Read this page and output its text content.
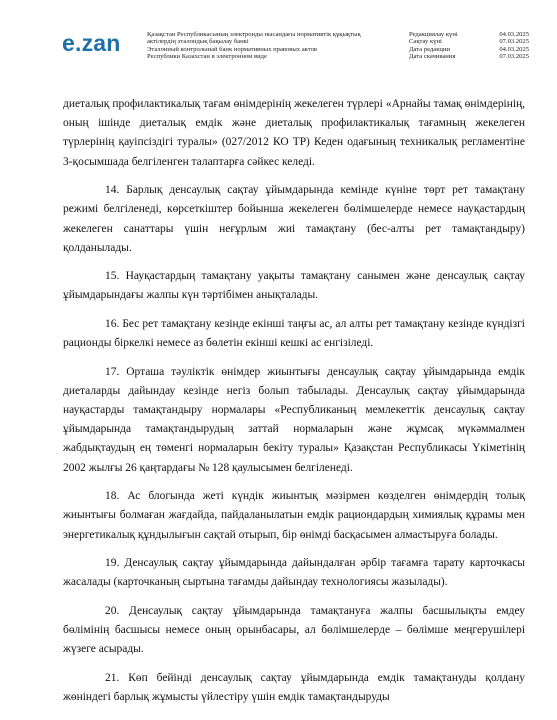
e.zan	Қазақстан Республикасының электронды нысандағы нормативтік құқықтық
актілердің эталондық бақылау банкі
Эталонный контрольный банк нормативных правовых актов
Республики Казахстан в электронном виде
Редакциялау күні	04.03.2025
Сақтау күні	07.03.2025
Дата редакции	04.03.2025
Дата скачивания	07.03.2025

диеталық профилактикалық тағам өнімдерінің жекелеген түрлері «Арнайы тамақ өнімдерінің, оның ішінде диеталық емдік және диеталық профилактикалық тағамның жекелеген түрлерінің қауіпсіздігі туралы» (027/2012 КО ТР) Кеден одағының техникалық регламентіне 3-қосымшада белгіленген талаптарға сәйкес келеді.

14. Барлық денсаулық сақтау ұйымдарында кемінде күніне төрт рет тамақтану режимі белгіленеді, көрсеткіштер бойынша жекелеген бөлімшелерде немесе науқастардың жекелеген санаттары үшін неғұрлым жиі тамақтану (бес-алты рет тамақтандыру) қолданылады.

15. Науқастардың тамақтану уақыты тамақтану санымен және денсаулық сақтау ұйымдарындағы жалпы күн тәртібімен анықталады.

16. Бес рет тамақтану кезінде екінші таңғы ас, ал алты рет тамақтану кезінде күндізгі рационды біркелкі немесе аз бөлетін екінші кешкі ас енгізіледі.

17. Орташа тәуліктік өнімдер жиынтығы денсаулық сақтау ұйымдарында емдік диеталарды дайындау кезінде негіз болып табылады. Денсаулық сақтау ұйымдарында науқастарды тамақтандыру нормалары «Республиканың мемлекеттік денсаулық сақтау ұйымдарында тамақтандырудың заттай нормаларын және жұмсақ мүкәммалмен жабдықтаудың ең төменгі нормаларын бекіту туралы» Қазақстан Республикасы Үкіметінің 2002 жылғы 26 қаңтардағы № 128 қаулысымен белгіленеді.

18. Ас блогында жеті күндік жиынтық мәзірмен көзделген өнімдердің толық жиынтығы болмаған жағдайда, пайдаланылатын емдік рациондардың химиялық құрамы мен энергетикалық құндылығын сақтай отырып, бір өнімді басқасымен алмастыруға болады.

19. Денсаулық сақтау ұйымдарында дайындалған әрбір тағамға тарату карточкасы жасалады (карточканың сыртына тағамды дайындау технологиясы жазылады).

20. Денсаулық сақтау ұйымдарында тамақтануға жалпы басшылықты емдеу бөлімінің басшысы немесе оның орынбасары, ал бөлімшелерде – бөлімше меңгерушілері жүзеге асырады.

21. Көп бейінді денсаулық сақтау ұйымдарында емдік тамақтануды қолдану жөніндегі барлық жұмысты үйлестіру үшін емдік тамақтандыруды
